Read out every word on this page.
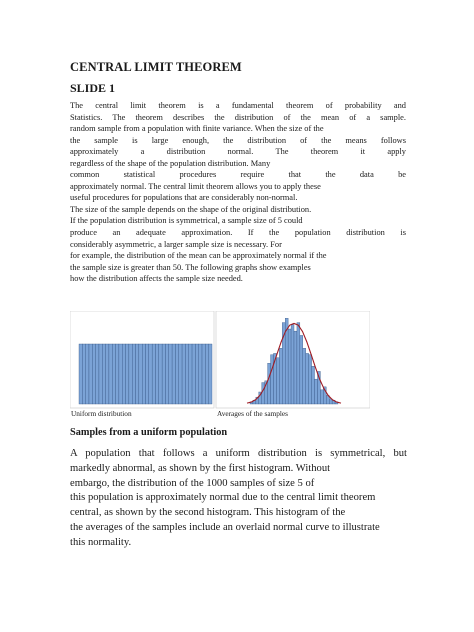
CENTRAL LIMIT THEOREM
SLIDE 1
The central limit theorem is a fundamental theorem of probability and
Statistics. The theorem describes the distribution of the mean of a sample.
random sample from a population with finite variance. When the size of the
the sample is large enough, the distribution of the means follows
approximately a distribution normal. The theorem it apply
regardless of the shape of the population distribution. Many
common statistical procedures require that the data be
approximately normal. The central limit theorem allows you to apply these
useful procedures for populations that are considerably non-normal.
The size of the sample depends on the shape of the original distribution.
If the population distribution is symmetrical, a sample size of 5 could
produce an adequate approximation. If the population distribution is
considerably asymmetric, a larger sample size is necessary. For
for example, the distribution of the mean can be approximately normal if the
the sample size is greater than 50. The following graphs show examples
how the distribution affects the sample size needed.
Uniform distribution	Averages of the samples
Samples from a uniform population
A population that follows a uniform distribution is symmetrical, but
markedly abnormal, as shown by the first histogram. Without
embargo, the distribution of the 1000 samples of size 5 of
this population is approximately normal due to the central limit theorem
central, as shown by the second histogram. This histogram of the
the averages of the samples include an overlaid normal curve to illustrate
this normality.
